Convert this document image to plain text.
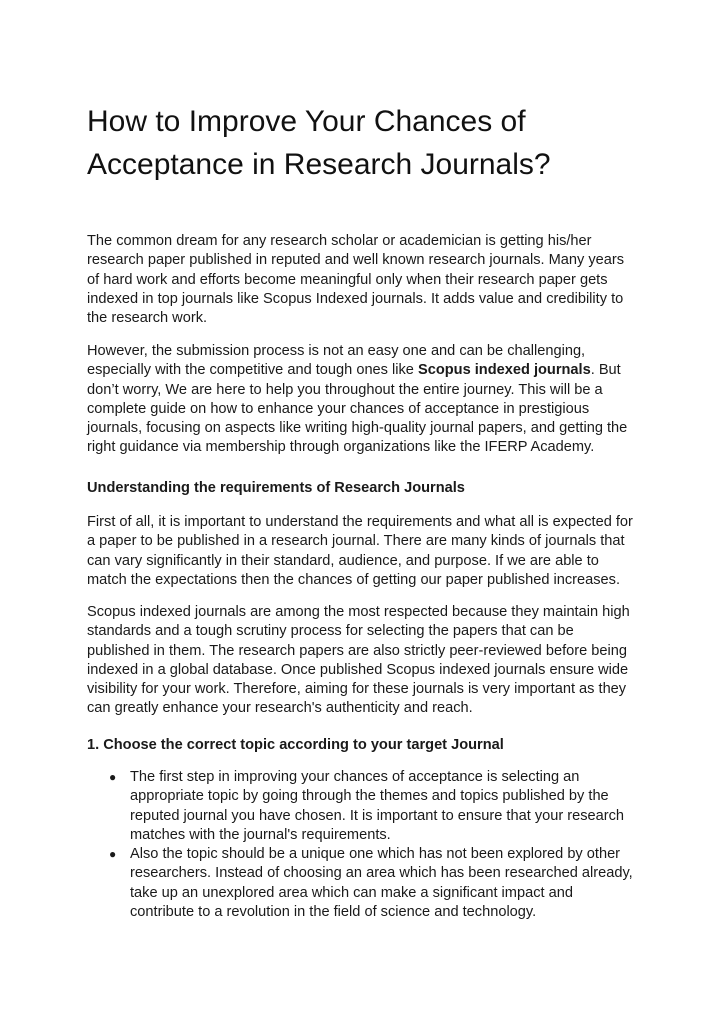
How to Improve Your Chances of Acceptance in Research Journals?

The common dream for any research scholar or academician is getting his/her research paper published in reputed and well known research journals. Many years of hard work and efforts become meaningful only when their research paper gets indexed in top journals like Scopus Indexed journals. It adds value and credibility to the research work.

However, the submission process is not an easy one and can be challenging, especially with the competitive and tough ones like Scopus indexed journals. But don’t worry, We are here to help you throughout the entire journey. This will be a complete guide on how to enhance your chances of acceptance in prestigious journals, focusing on aspects like writing high-quality journal papers, and getting the right guidance via membership through organizations like the IFERP Academy.

Understanding the requirements of Research Journals

First of all, it is important to understand the requirements and what all is expected for a paper to be published in a research journal. There are many kinds of journals that can vary significantly in their standard, audience, and purpose. If we are able to match the expectations then the chances of getting our paper published increases.

Scopus indexed journals are among the most respected because they maintain high standards and a tough scrutiny process for selecting the papers that can be published in them. The research papers are also strictly peer-reviewed before being indexed in a global database. Once published Scopus indexed journals ensure wide visibility for your work. Therefore, aiming for these journals is very important as they can greatly enhance your research's authenticity and reach.

1. Choose the correct topic according to your target Journal

● The first step in improving your chances of acceptance is selecting an appropriate topic by going through the themes and topics published by the reputed journal you have chosen. It is important to ensure that your research matches with the journal's requirements.
● Also the topic should be a unique one which has not been explored by other researchers. Instead of choosing an area which has been researched already, take up an unexplored area which can make a significant impact and contribute to a revolution in the field of science and technology.
